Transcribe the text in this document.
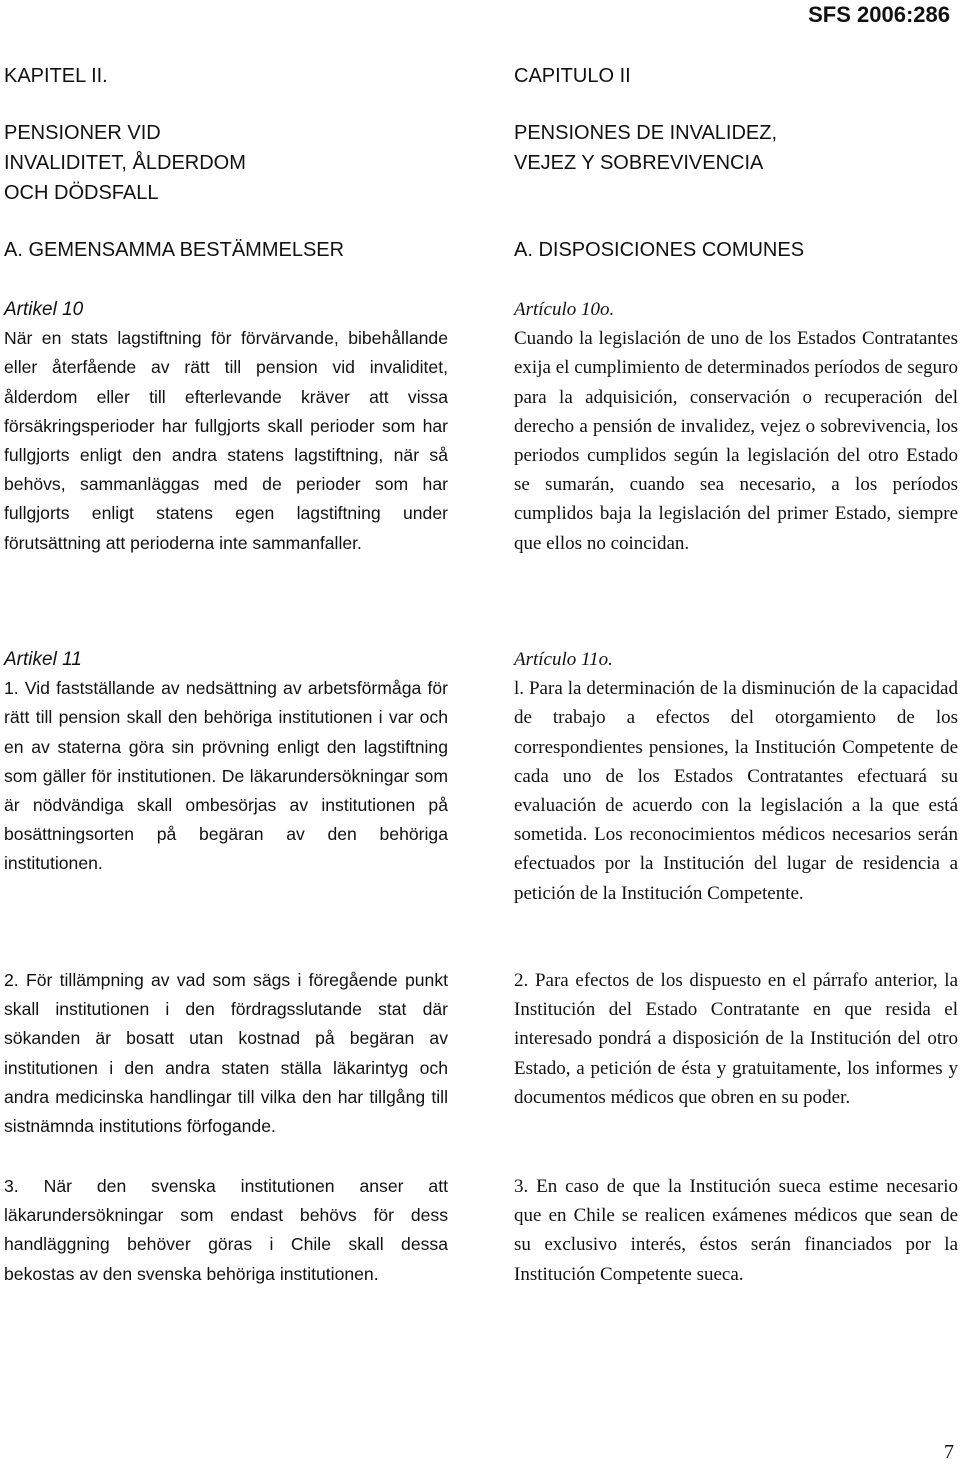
SFS 2006:286
KAPITEL II.
PENSIONER VID
INVALIDITET, ÅLDERDOM
OCH DÖDSFALL
A. GEMENSAMMA BESTÄMMELSER
Artikel 10

När en stats lagstiftning för förvärvande, bibehållande eller återfående av rätt till pension vid invaliditet, ålderdom eller till efterlevande kräver att vissa försäkringsperioder har fullgjorts skall perioder som har fullgjorts enligt den andra statens lagstiftning, när så behövs, sammanläggas med de perioder som har fullgjorts enligt statens egen lagstiftning under förutsättning att perioderna inte sammanfaller.

Artikel 11

1. Vid fastställande av nedsättning av arbetsförmåga för rätt till pension skall den behöriga institutionen i var och en av staterna göra sin prövning enligt den lagstiftning som gäller för institutionen. De läkarundersökningar som är nödvändiga skall ombesörjas av institutionen på bosättningsorten på begäran av den behöriga institutionen.

2. För tillämpning av vad som sägs i föregående punkt skall institutionen i den fördragsslutande stat där sökanden är bosatt utan kostnad på begäran av institutionen i den andra staten ställa läkarintyg och andra medicinska handlingar till vilka den har tillgång till sistnämnda institutions förfogande.

3. När den svenska institutionen anser att läkarundersökningar som endast behövs för dess handläggning behöver göras i Chile skall dessa bekostas av den svenska behöriga institutionen.

CAPITULO II
PENSIONES DE INVALIDEZ,
VEJEZ Y SOBREVIVENCIA
A. DISPOSICIONES COMUNES
Artículo 10o.

Cuando la legislación de uno de los Estados Contratantes exija el cumplimiento de determinados períodos de seguro para la adquisición, conservación o recuperación del derecho a pensión de invalidez, vejez o sobrevivencia, los periodos cumplidos según la legislación del otro Estado se sumarán, cuando sea necesario, a los períodos cumplidos baja la legislación del primer Estado, siempre que ellos no coincidan.

Artículo 11o.

l. Para la determinación de la disminución de la capacidad de trabajo a efectos del otorgamiento de los correspondientes pensiones, la Institución Competente de cada uno de los Estados Contratantes efectuará su evaluación de acuerdo con la legislación a la que está sometida. Los reconocimientos médicos necesarios serán efectuados por la Institución del lugar de residencia a petición de la Institución Competente.

2. Para efectos de los dispuesto en el párrafo anterior, la Institución del Estado Contratante en que resida el interesado pondrá a disposición de la Institución del otro Estado, a petición de ésta y gratuitamente, los informes y documentos médicos que obren en su poder.

3. En caso de que la Institución sueca estime necesario que en Chile se realicen exámenes médicos que sean de su exclusivo interés, éstos serán financiados por la Institución Competente sueca.

7
